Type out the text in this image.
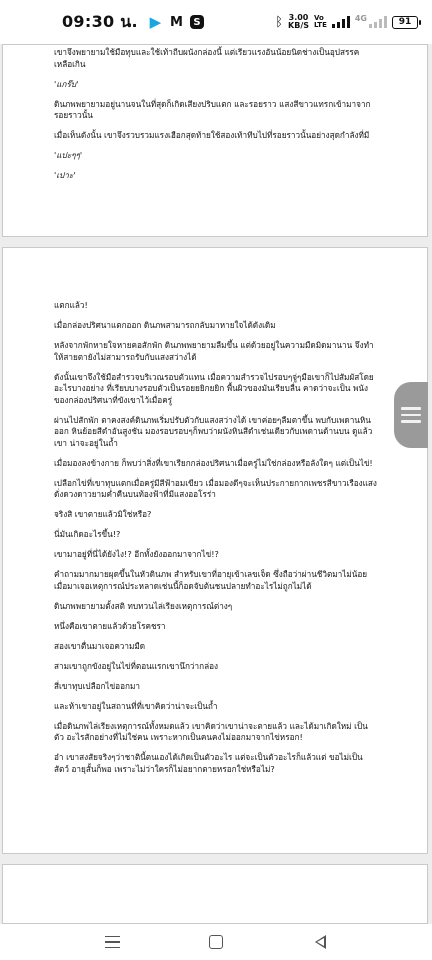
09:30 น. ▶ M	S	ᛒ 3.00
KB/S
Vo
LTE
4G	91

เขาจึงพยายามใช้มือทุบและใช้เท้าถีบผนังกล่องนี้ แต่เรียวแรงอันน้อยนิดช่างเป็นอุปสรรค เหลือเกิน

'แกร๊บ'

ดินภพพยายามอยู่นานจนในที่สุดก็เกิดเสียงปริบแตก และรอยราว แสงสีขาวแทรกเข้ามาจาก รอยราวนั้น

เมื่อเห็นดังนั้น เขาจึงรวบรวมแรงเฮือกสุดท้ายใช้สองเท้าทีบไปที่รอยราวนั้นอย่างสุดกำลังที่มี

'แปะๆๆ'

'เปาะ'

แตกแล้ว!

เมื่อกล่องปริศนาแตกออก ดินภพสามารถกลับมาหายใจได้ดังเดิม

หลังจากพักหายใจหายคอสักพัก ดินภพพยายามลืมขึ้น แต่ด้วยอยู่ในความมืดมิดมานาน จึงทำ ให้สายตายังไม่สามารถรับกับแสงสว่างได้

ดังนั้นเขาจึงใช้มือสำรวจบริเวณรอบตัวแทน เมื่อความสำรวจไปรอบๆจู่ๆมือเขาก็ไปสัมผัสโดย อะไรบางอย่าง ที่เรียบบางรอบตัวเป็นรอยยยิกยยิก พื้นผิวของมันเรียบลื่น คาดว่าจะเป็น พนังของกล่องปริศนาที่ขังเขาไว้เมื่อครู่

ผ่านไปสักพัก ตาคงสงค์ดินภพเริ่มปรับตัวกับแสงสว่างได้ เขาค่อยๆลืมตาขึ้น พบกับเพดานหินออก หินย้อยสีดำอันสูงชัน มองรอบรอบๆก็พบว่าผนังหินสีดำเช่นเดียวกับเพดานด้านบน ดูแล้วเขา น่าจะอยู่ในถ้ำ

เมื่อมองลงข้างกาย ก็พบว่าสิ่งที่เขาเรียกกล่องปริศนาเมื่อครู่ไม่ใช่กล่องหรือลังใดๆ แต่เป็นไข่!

เปลือกไข่ที่เขาทุบแตกเมื่อครู่มีสีฟ้าอมเขียว เมื่อมองดีๆจะเห็นประกายกากเพชรสีขาวเรืองแสง ดั่งดวงดาวยามค่ำคืนบนท้องฟ้าที่มีแสงออโรร่า

จริงสิ เขาตายแล้วมิใช่หรือ?

นี่มันเกิดอะไรขึ้น!?

เขามาอยู่ที่นี่ได้ยังไง!? อีกทั้งยังออกมาจากไข่!?

คำถามมากมายผุดขึ้นในหัวดินภพ สำหรับเขาที่อายุเข้าเลขเจ็ด ซึ่งถือว่าผ่านชีวิตมาไม่น้อย เมื่อมาเจอเหตุการณ์ประหลาดเช่นนี้ก็อดจับต้นชนปลายทำอะไรไม่ถูกไม่ได้

ดินภพพยายามตั้งสติ ทบทวนไล่เรียงเหตุการณ์ต่างๆ

หนึ่งคือเขาตายแล้วด้วยโรคชรา

สองเขาตื่นมาเจอความมืด

สามเขาถูกขังอยู่ในไข่ที่ตอนแรกเขานึกว่ากล่อง

สี่เขาทุบเปลือกไข่ออกมา

และห้าเขาอยู่ในสถานที่ที่เขาคิดว่าน่าจะเป็นถ้ำ

เมื่อดินภพไล่เรียงเหตุการณ์ทั้งหมดแล้ว เขาคิดว่าเขาน่าจะตายแล้ว และได้มาเกิดใหม่ เป็นตัว อะไรสักอย่างที่ไม่ใช่คน เพราะหากเป็นคนคงไม่ออกมาจากไข่หรอก!

อ๋า เขาสงสัยจริงๆว่าชาตินี้ตนเองได้เกิดเป็นตัวอะไร แต่จะเป็นตัวอะไรก็แล้วแต่ ขอไม่เป็นสัตว์ อายุสั้นก็พอ เพราะไม่ว่าใครก็ไม่อยากตายหรอกใช่หรือไม่?
